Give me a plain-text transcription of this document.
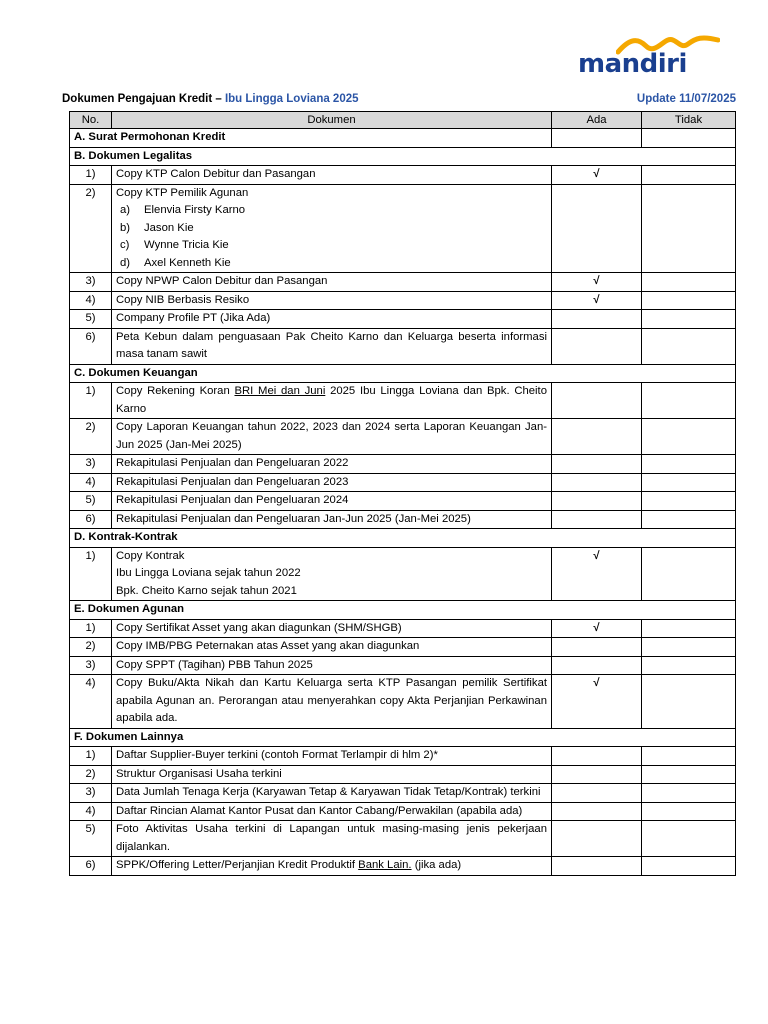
mandiri
Dokumen Pengajuan Kredit – Ibu Lingga Loviana 2025	Update 11/07/2025
No.	Dokumen	Ada	Tidak
A. Surat Permohonan Kredit			
B. Dokumen Legalitas			
1)	Copy KTP Calon Debitur dan Pasangan	√	
2)	Copy KTP Pemilik Agunan
a) Elenvia Firsty Karno
b) Jason Kie
c) Wynne Tricia Kie
d) Axel Kenneth Kie		

3)	Copy NPWP Calon Debitur dan Pasangan	√	
4)	Copy NIB Berbasis Resiko	√	
5)	Company Profile PT (Jika Ada)		
6)	Peta Kebun dalam penguasaan Pak Cheito Karno dan Keluarga beserta informasi masa tanam sawit		
C. Dokumen Keuangan			
1)	Copy Rekening Koran BRI Mei dan Juni 2025 Ibu Lingga Loviana dan Bpk. Cheito Karno		
2)	Copy Laporan Keuangan tahun 2022, 2023 dan 2024 serta Laporan Keuangan Jan-Jun 2025 (Jan-Mei 2025)		
3)	Rekapitulasi Penjualan dan Pengeluaran 2022		
4)	Rekapitulasi Penjualan dan Pengeluaran 2023		
5)	Rekapitulasi Penjualan dan Pengeluaran 2024		
6)	Rekapitulasi Penjualan dan Pengeluaran Jan-Jun 2025 (Jan-Mei 2025)		
D. Kontrak-Kontrak			
1)	Copy Kontrak
Ibu Lingga Loviana sejak tahun 2022
Bpk. Cheito Karno sejak tahun 2021	√	
E. Dokumen Agunan			
1)	Copy Sertifikat Asset yang akan diagunkan (SHM/SHGB)	√	
2)	Copy IMB/PBG Peternakan atas Asset yang akan diagunkan		
3)	Copy SPPT (Tagihan) PBB Tahun 2025		
4)	Copy Buku/Akta Nikah dan Kartu Keluarga serta KTP Pasangan pemilik Sertifikat apabila Agunan an. Perorangan atau menyerahkan copy Akta Perjanjian Perkawinan apabila ada.	√	
F. Dokumen Lainnya			
1)	Daftar Supplier-Buyer terkini (contoh Format Terlampir di hlm 2)*		
2)	Struktur Organisasi Usaha terkini		
3)	Data Jumlah Tenaga Kerja (Karyawan Tetap & Karyawan Tidak Tetap/Kontrak) terkini		
4)	Daftar Rincian Alamat Kantor Pusat dan Kantor Cabang/Perwakilan (apabila ada)		
5)	Foto Aktivitas Usaha terkini di Lapangan untuk masing-masing jenis pekerjaan dijalankan.		
6)	SPPK/Offering Letter/Perjanjian Kredit Produktif Bank Lain. (jika ada)		
